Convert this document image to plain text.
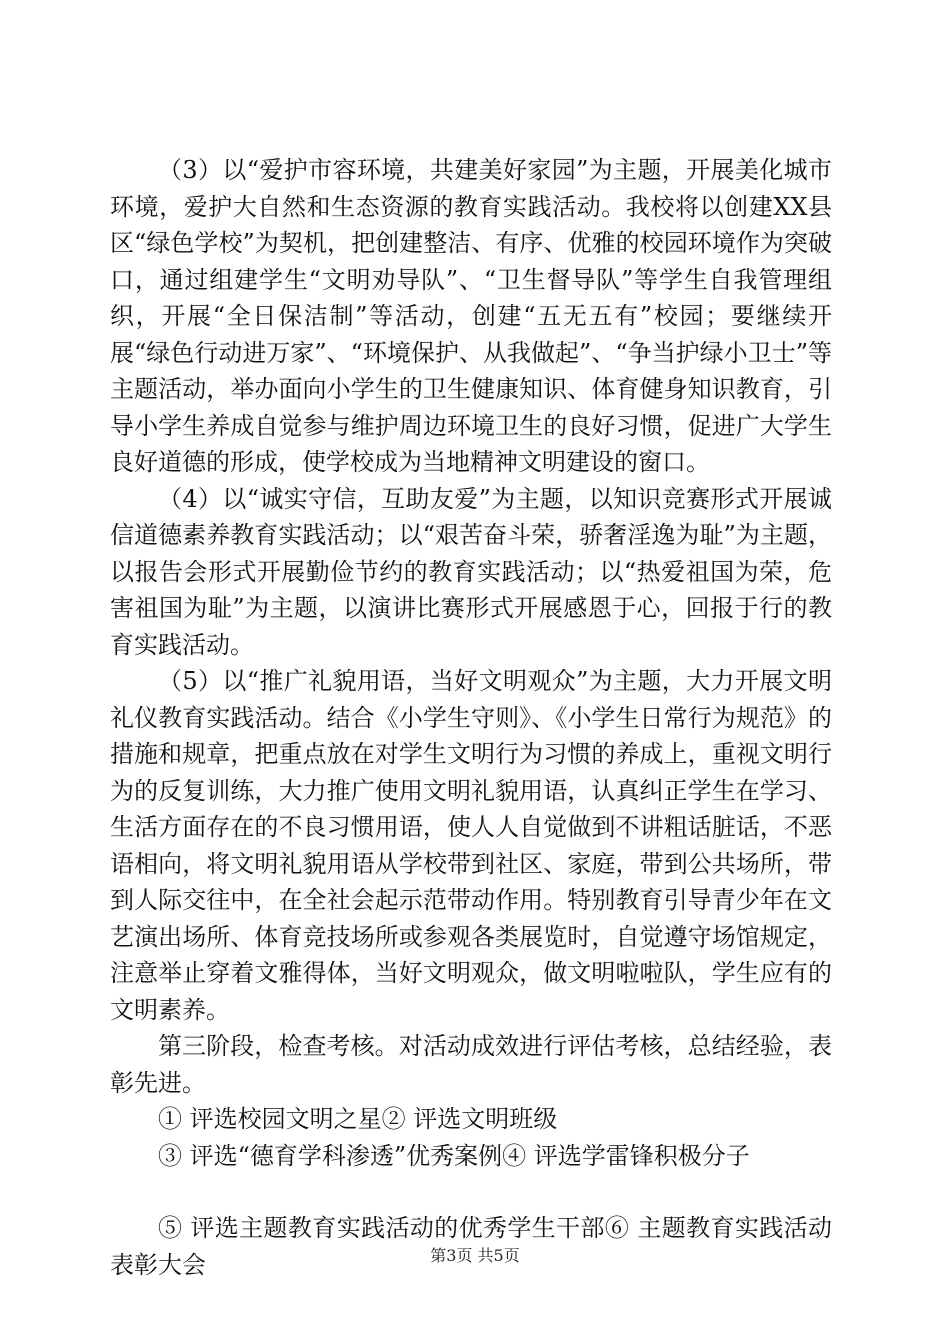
（3）以“爱护市容环境，共建美好家园”为主题，开展美化城市环境，爱护大自然和生态资源的教育实践活动。我校将以创建XX县区“绿色学校”为契机，把创建整洁、有序、优雅的校园环境作为突破口，通过组建学生“文明劝导队”、“卫生督导队”等学生自我管理组织，开展“全日保洁制”等活动，创建“五无五有”校园；要继续开展“绿色行动进万家”、“环境保护、从我做起”、“争当护绿小卫士”等主题活动，举办面向小学生的卫生健康知识、体育健身知识教育，引导小学生养成自觉参与维护周边环境卫生的良好习惯，促进广大学生良好道德的形成，使学校成为当地精神文明建设的窗口。

（4）以“诚实守信，互助友爱”为主题，以知识竞赛形式开展诚信道德素养教育实践活动；以“艰苦奋斗荣，骄奢淫逸为耻”为主题，以报告会形式开展勤俭节约的教育实践活动；以“热爱祖国为荣，危害祖国为耻”为主题，以演讲比赛形式开展感恩于心，回报于行的教育实践活动。

（5）以“推广礼貌用语，当好文明观众”为主题，大力开展文明礼仪教育实践活动。结合《小学生守则》、《小学生日常行为规范》的措施和规章，把重点放在对学生文明行为习惯的养成上，重视文明行为的反复训练，大力推广使用文明礼貌用语，认真纠正学生在学习、生活方面存在的不良习惯用语，使人人自觉做到不讲粗话脏话，不恶语相向，将文明礼貌用语从学校带到社区、家庭，带到公共场所，带到人际交往中，在全社会起示范带动作用。特别教育引导青少年在文艺演出场所、体育竞技场所或参观各类展览时，自觉遵守场馆规定，注意举止穿着文雅得体，当好文明观众，做文明啦啦队，学生应有的文明素养。

第三阶段，检查考核。对活动成效进行评估考核，总结经验，表彰先进。

① 评选校园文明之星② 评选文明班级

③ 评选“德育学科渗透”优秀案例④ 评选学雷锋积极分子

⑤ 评选主题教育实践活动的优秀学生干部⑥ 主题教育实践活动表彰大会	第3页 共5页
